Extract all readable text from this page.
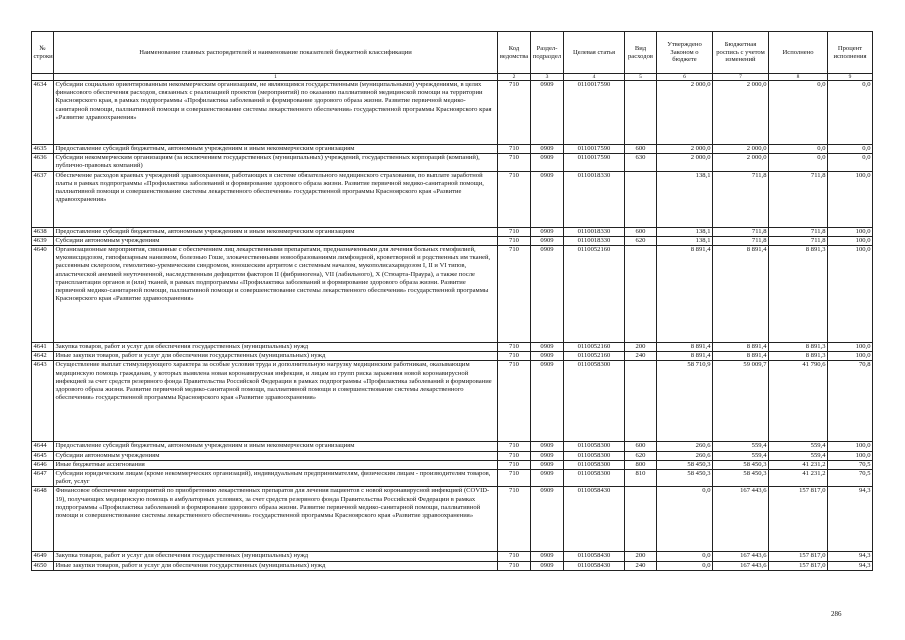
№ строки	Наименование главных распорядителей и наименование показателей бюджетной классификации	Код ведомства	Раздел-подраздел	Целевая статья	Вид расходов	Утверждено Законом о бюджете	Бюджетная роспись с учетом изменений	Исполнено	Процент исполнения
	1	2	3	4	5	6	7	8	9
4634	Субсидии социально ориентированным некоммерческим организациям, не являющимся государственными (муниципальными) учреждениями, в целях финансового обеспечения расходов, связанных с реализацией проектов (мероприятий) по оказанию паллиативной медицинской помощи на территории Красноярского края, в рамках подпрограммы «Профилактика заболеваний и формирование здорового образа жизни. Развитие первичной медико-санитарной помощи, паллиативной помощи и совершенствование системы лекарственного обеспечения» государственной программы Красноярского края «Развитие здравоохранения»	710	0909	0110017590		2 000,0	2 000,0	0,0	0,0
4635	Предоставление субсидий бюджетным, автономным учреждениям и иным некоммерческим организациям	710	0909	0110017590	600	2 000,0	2 000,0	0,0	0,0
4636	Субсидии некоммерческим организациям (за исключением государственных (муниципальных) учреждений, государственных корпораций (компаний), публично-правовых компаний)	710	0909	0110017590	630	2 000,0	2 000,0	0,0	0,0
4637	Обеспечение расходов краевых учреждений здравоохранения, работающих в системе обязательного медицинского страхования, по выплате заработной платы в рамках подпрограммы «Профилактика заболеваний и формирование здорового образа жизни. Развитие первичной медико-санитарной помощи, паллиативной помощи и совершенствование системы лекарственного обеспечения» государственной программы Красноярского края «Развитие здравоохранения»	710	0909	0110018330		138,1	711,8	711,8	100,0
4638	Предоставление субсидий бюджетным, автономным учреждениям и иным некоммерческим организациям	710	0909	0110018330	600	138,1	711,8	711,8	100,0
4639	Субсидии автономным учреждениям	710	0909	0110018330	620	138,1	711,8	711,8	100,0
4640	Организационные мероприятия, связанные с обеспечением лиц лекарственными препаратами, предназначенными для лечения больных гемофилией, муковисцидозом, гипофизарным нанизмом, болезнью Гоше, злокачественными новообразованиями лимфоидной, кроветворной и родственных им тканей, рассеянным склерозом, гемолитико-уремическим синдромом, юношеским артритом с системным началом, мукополисахаридозом I, II и VI типов, апластической анемией неуточненной, наследственным дефицитом факторов II (фибриногена), VII (лабильного), X (Стюарта-Праура), а также после трансплантации органов и (или) тканей, в рамках подпрограммы «Профилактика заболеваний и формирование здорового образа жизни. Развитие первичной медико-санитарной помощи, паллиативной помощи и совершенствование системы лекарственного обеспечения» государственной программы Красноярского края «Развитие здравоохранения»	710	0909	0110052160		8 891,4	8 891,4	8 891,3	100,0
4641	Закупка товаров, работ и услуг для обеспечения государственных (муниципальных) нужд	710	0909	0110052160	200	8 891,4	8 891,4	8 891,3	100,0
4642	Иные закупки товаров, работ и услуг для обеспечения государственных (муниципальных) нужд	710	0909	0110052160	240	8 891,4	8 891,4	8 891,3	100,0
4643	Осуществление выплат стимулирующего характера за особые условия труда и дополнительную нагрузку медицинским работникам, оказывающим медицинскую помощь гражданам, у которых выявлена новая коронавирусная инфекция, и лицам из групп риска заражения новой коронавирусной инфекцией за счет средств резервного фонда Правительства Российской Федерации в рамках подпрограммы «Профилактика заболеваний и формирование здорового образа жизни. Развитие первичной медико-санитарной помощи, паллиативной помощи и совершенствование системы лекарственного обеспечения» государственной программы Красноярского края «Развитие здравоохранения»	710	0909	0110058300		58 710,9	59 009,7	41 790,6	70,8
4644	Предоставление субсидий бюджетным, автономным учреждениям и иным некоммерческим организациям	710	0909	0110058300	600	260,6	559,4	559,4	100,0
4645	Субсидии автономным учреждениям	710	0909	0110058300	620	260,6	559,4	559,4	100,0
4646	Иные бюджетные ассигнования	710	0909	0110058300	800	58 450,3	58 450,3	41 231,2	70,5
4647	Субсидии юридическим лицам (кроме некоммерческих организаций), индивидуальным предпринимателям, физическим лицам - производителям товаров, работ, услуг	710	0909	0110058300	810	58 450,3	58 450,3	41 231,2	70,5
4648	Финансовое обеспечение мероприятий по приобретению лекарственных препаратов для лечения пациентов с новой коронавирусной инфекцией (COVID-19), получающих медицинскую помощь в амбулаторных условиях, за счет средств резервного фонда Правительства Российской Федерации в рамках подпрограммы «Профилактика заболеваний и формирование здорового образа жизни. Развитие первичной медико-санитарной помощи, паллиативной помощи и совершенствование системы лекарственного обеспечения» государственной программы Красноярского края «Развитие здравоохранения»	710	0909	0110058430		0,0	167 443,6	157 817,0	94,3
4649	Закупка товаров, работ и услуг для обеспечения государственных (муниципальных) нужд	710	0909	0110058430	200	0,0	167 443,6	157 817,0	94,3
4650	Иные закупки товаров, работ и услуг для обеспечения государственных (муниципальных) нужд	710	0909	0110058430	240	0,0	167 443,6	157 817,0	94,3
286
